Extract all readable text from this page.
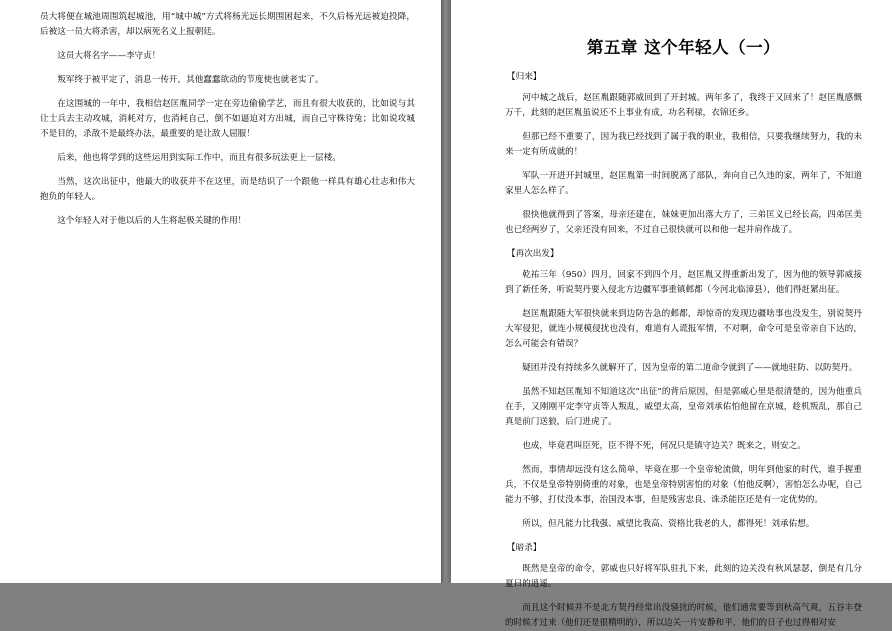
员大将便在城池周围筑起城池，用“城中城”方式将杨光远长期围困起来，不久后杨光远被迫投降，后被这一员大将杀害，却以病死名义上报朝廷。

这员大将名字——李守贞！

叛军终于被平定了，消息一传开，其他蠢蠢欲动的节度使也就老实了。

在这围城的一年中，我相信赵匡胤同学一定在旁边偷偷学艺，而且有很大收获的，比如说与其让士兵去主动攻城，消耗对方，也消耗自己，倒不如逼迫对方出城，而自己守株待兔；比如说攻城不是目的，杀敌不是最终办法，最重要的是让敌人屈服！

后来，他也将学到的这些运用到实际工作中，而且有很多玩法更上一层楼。

当然，这次出征中，他最大的收获并不在这里，而是结识了一个跟他一样具有雄心壮志和伟大抱负的年轻人。

这个年轻人对于他以后的人生将起极关键的作用！

第五章 这个年轻人（一）

【归来】

河中城之战后，赵匡胤跟随郭威回到了开封城。两年多了，我终于又回来了！赵匡胤感慨万千，此刻的赵匡胤虽说还不上事业有成，功名利禄，衣锦还乡。

但那已经不重要了，因为我已经找到了属于我的职业，我相信，只要我继续努力，我的未来一定有所成就的！

军队一开进开封城里，赵匡胤第一时间脱离了部队，奔向自己久违的家，两年了，不知道家里人怎么样了。

很快他就得到了答案，母亲还建在，妹妹更加出落大方了，三弟匡义已经长高，四弟匡美也已经两岁了，父亲还没有回来，不过自己很快就可以和他一起并肩作战了。

【再次出发】

乾祐三年（950）四月，回家不到四个月，赵匡胤又得重新出发了，因为他的领导郭威接到了新任务，听说契丹要入侵北方边疆军事重镇邺都（今河北临漳县），他们得赶紧出征。

赵匡胤跟随大军很快就来到边防告急的邺都，却惊奇的发现边疆啥事也没发生，别说契丹大军侵犯，就连小规模侵扰也没有，难道有人谎报军情，不对啊，命令可是皇帝亲自下达的，怎么可能会有错误？

疑团并没有持续多久就解开了，因为皇帝的第二道命令就到了——就地驻防、以防契丹。

虽然不知赵匡胤知不知道这次“出征”的背后原因，但是郭威心里是很清楚的，因为他重兵在手，又刚刚平定李守贞等人叛乱，威望太高，皇帝刘承佑怕他留在京城，趁机叛乱，那自己真是前门送狼，后门进虎了。

也成，毕竟君叫臣死，臣不得不死，何况只是镇守边关？既来之，则安之。

然而，事情却远没有这么简单，毕竟在那一个皇帝轮流做，明年到他家的时代，谁手握重兵，不仅是皇帝特别倚重的对象，也是皇帝特别害怕的对象（怕他反啊），害怕怎么办呢，自己能力不够，打仗没本事，治国没本事，但是残害忠良、诛杀能臣还是有一定优势的。

所以，但凡能力比我强、威望比我高、资格比我老的人，都得死！刘承佑想。

【暗杀】

既然是皇帝的命令，郭威也只好将军队驻扎下来，此刻的边关没有秋风瑟瑟，倒是有几分夏日的逍遥。

而且这个时候并不是北方契丹经常出没骚扰的时候，他们通常要等到秋高气爽，五谷丰登的时候才过来（他们还是很精明的），所以边关一片安静和平，他们的日子也过得相对安
